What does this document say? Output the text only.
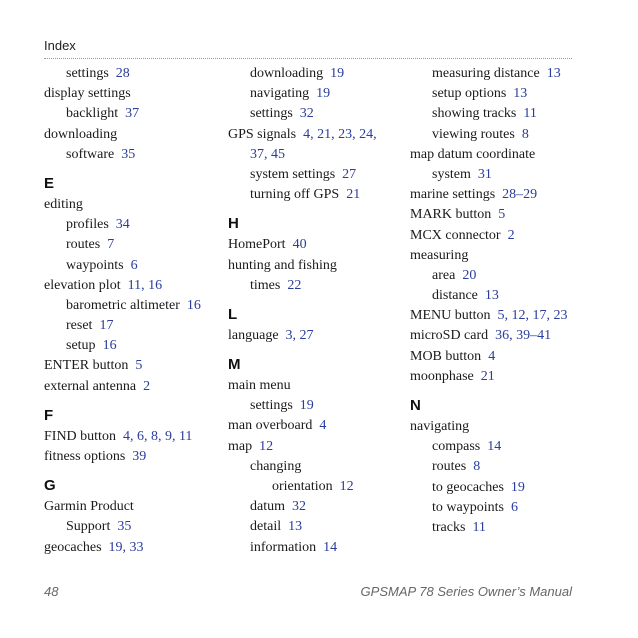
Index
settings 28
display settings
backlight 37
downloading
software 35
E
editing
profiles 34
routes 7
waypoints 6
elevation plot 11 , 16
barometric altimeter 16
reset 17
setup 16
ENTER button 5
external antenna 2
F
FIND button 4 , 6 , 8 , 9 , 11
fitness options 39
G
Garmin Product
Support 35
geocaches 19 , 33
downloading 19
navigating 19
settings 32
GPS signals 4 , 21 , 23 , 24,
37 , 45
system settings 27
turning off GPS 21
H
HomePort 40
hunting and fishing
times 22
L
language 3 , 27
M
main menu
settings 19
man overboard 4
map 12
changing
orientation 12
datum 32
detail 13
information 14
measuring distance 13
setup options 13
showing tracks 11
viewing routes 8
map datum coordinate
system 31
marine settings 28–29
MARK button 5
MCX connector 2
measuring
area 20
distance 13
MENU button 5 , 12 , 17 , 23
microSD card 36 , 39–41
MOB button 4
moonphase 21
N
navigating
compass 14
routes 8
to geocaches 19
to waypoints 6
tracks 11
48	GPSMAP 78 Series Owner’s Manual
